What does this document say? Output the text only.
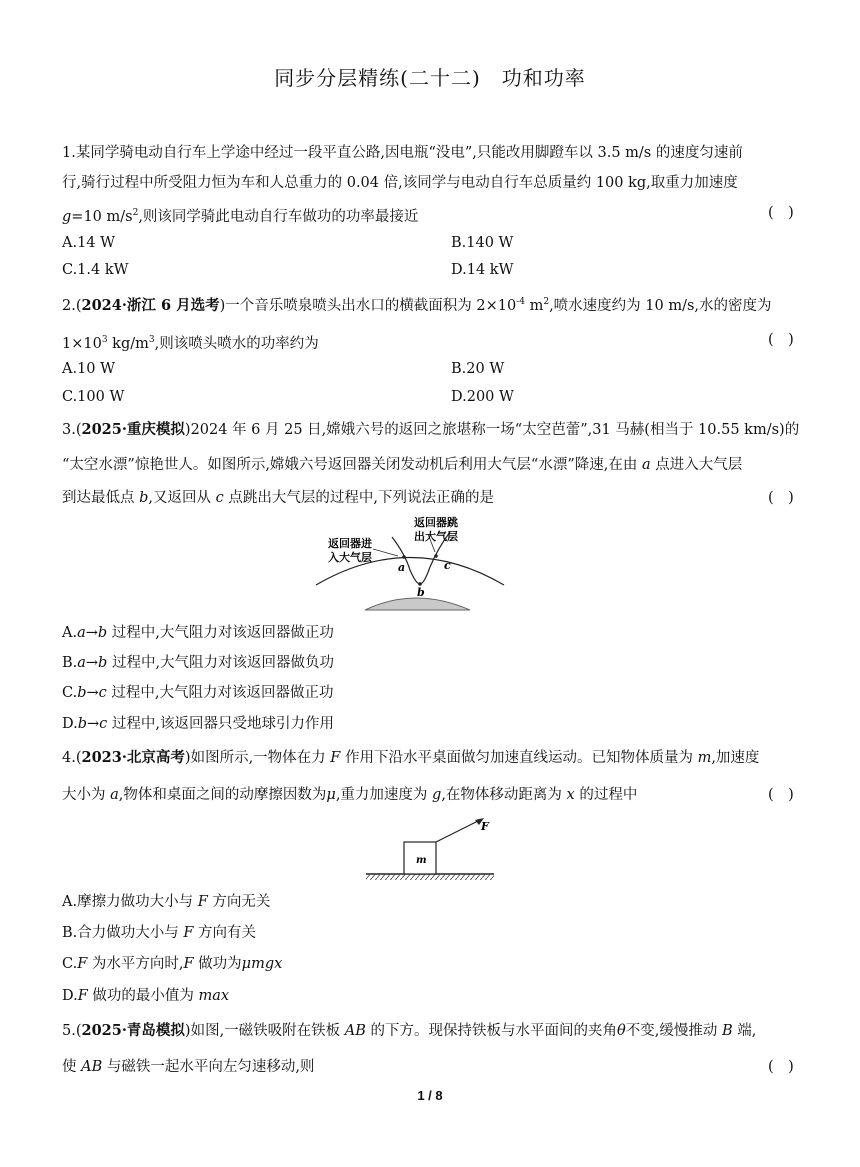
同步分层精练(二十二)　功和功率
1.某同学骑电动自行车上学途中经过一段平直公路,因电瓶“没电”,只能改用脚蹬车以 3.5 m/s 的速度匀速前
行,骑行过程中所受阻力恒为车和人总重力的 0.04 倍,该同学与电动自行车总质量约 100 kg,取重力加速度
g=10 $m/s^2$,则该同学骑此电动自行车做功的功率最接近	(　)
A.14 W	B.140 W
C.1.4 kW	D.14 kW
2.(2024·浙江 6 月选考)一个音乐喷泉喷头出水口的横截面积为 $2\times 10^{-4}$ $m^2$,喷水速度约为 10 m/s,水的密度为
$1\times 10^3$ $kg/m^3$,则该喷头喷水的功率约为	(　)
A.10 W	B.20 W
C.100 W	D.200 W
3.(2025·重庆模拟)2024 年 6 月 25 日,嫦娥六号的返回之旅堪称一场“太空芭蕾”,31 马赫(相当于 10.55 km/s)的
“太空水漂”惊艳世人。如图所示,嫦娥六号返回器关闭发动机后利用大气层“水漂”降速,在由 a 点进入大气层
到达最低点 b,又返回从 c 点跳出大气层的过程中,下列说法正确的是	(　)
返回器进
入大气层
返回器跳
出大气层
a
b
c
A.a→b 过程中,大气阻力对该返回器做正功
B.a→b 过程中,大气阻力对该返回器做负功
C.b→c 过程中,大气阻力对该返回器做正功
D.b→c 过程中,该返回器只受地球引力作用
4.(2023·北京高考)如图所示,一物体在力 F 作用下沿水平桌面做匀加速直线运动。已知物体质量为 m,加速度
大小为 a,物体和桌面之间的动摩擦因数为μ,重力加速度为 g,在物体移动距离为 x 的过程中	(　)
F
m
A.摩擦力做功大小与 F 方向无关
B.合力做功大小与 F 方向有关
C.F 为水平方向时,F 做功为μmgx
D.F 做功的最小值为 max
5.(2025·青岛模拟)如图,一磁铁吸附在铁板 AB 的下方。现保持铁板与水平面间的夹角θ不变,缓慢推动 B 端,
使 AB 与磁铁一起水平向左匀速移动,则	(　)
1 / 8
